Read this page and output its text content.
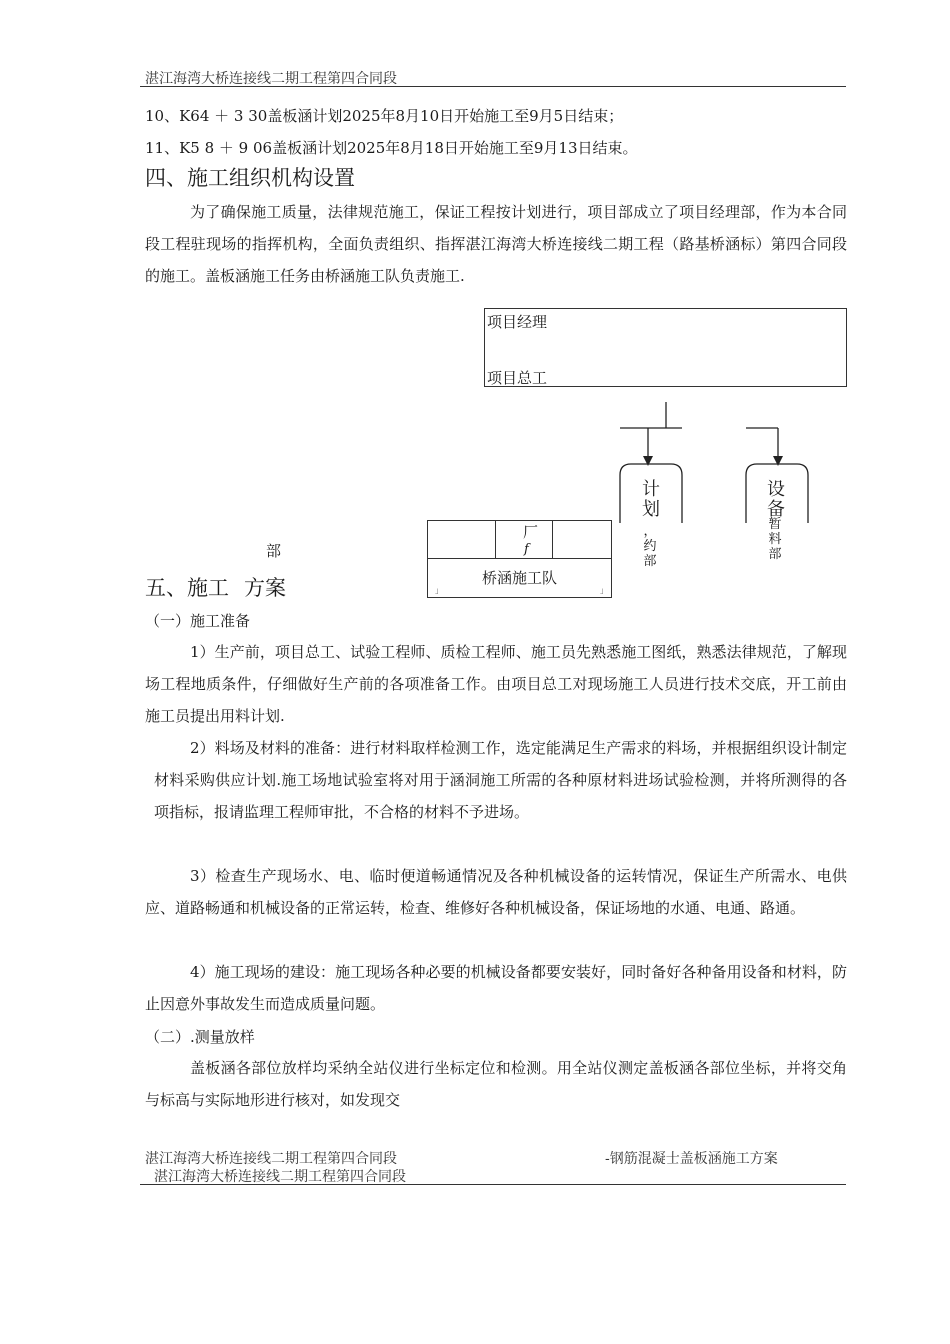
湛江海湾大桥连接线二期工程第四合同段
10、K64 ＋ 3 30盖板涵计划2025年8月10日开始施工至9月5日结束；
11、K5 8 ＋ 9 06盖板涵计划2025年8月18日开始施工至9月13日结束。
四、施工组织机构设置
为了确保施工质量，法律规范施工，保证工程按计划进行，项目部成立了项目经理部，作为本合同段工程驻现场的指挥机构，全面负责组织、指挥湛江海湾大桥连接线二期工程（路基桥涵标）第四合同段的施工。盖板涵施工任务由桥涵施工队负责施工.
项目经理
项目总工
计
划
，约部
设
备
暂料部
厂
f
桥涵施工队
」	」
部
五、施工 方案
（一）施工准备
1）生产前，项目总工、试验工程师、质检工程师、施工员先熟悉施工图纸，熟悉法律规范，了解现场工程地质条件，仔细做好生产前的各项准备工作。由项目总工对现场施工人员进行技术交底，开工前由施工员提出用料计划.
2）料场及材料的准备：进行材料取样检测工作，选定能满足生产需求的料场，并根据组织设计制定材料采购供应计划.施工场地试验室将对用于涵洞施工所需的各种原材料进场试验检测，并将所测得的各项指标，报请监理工程师审批，不合格的材料不予进场。
3）检查生产现场水、电、临时便道畅通情况及各种机械设备的运转情况，保证生产所需水、电供应、道路畅通和机械设备的正常运转，检查、维修好各种机械设备，保证场地的水通、电通、路通。
4）施工现场的建设：施工现场各种必要的机械设备都要安装好，同时备好各种备用设备和材料，防止因意外事故发生而造成质量问题。
（二）.测量放样
盖板涵各部位放样均采纳全站仪进行坐标定位和检测。用全站仪测定盖板涵各部位坐标，并将交角与标高与实际地形进行核对，如发现交
湛江海湾大桥连接线二期工程第四合同段	-钢筋混凝士盖板涵施工方案
湛江海湾大桥连接线二期工程第四合同段
